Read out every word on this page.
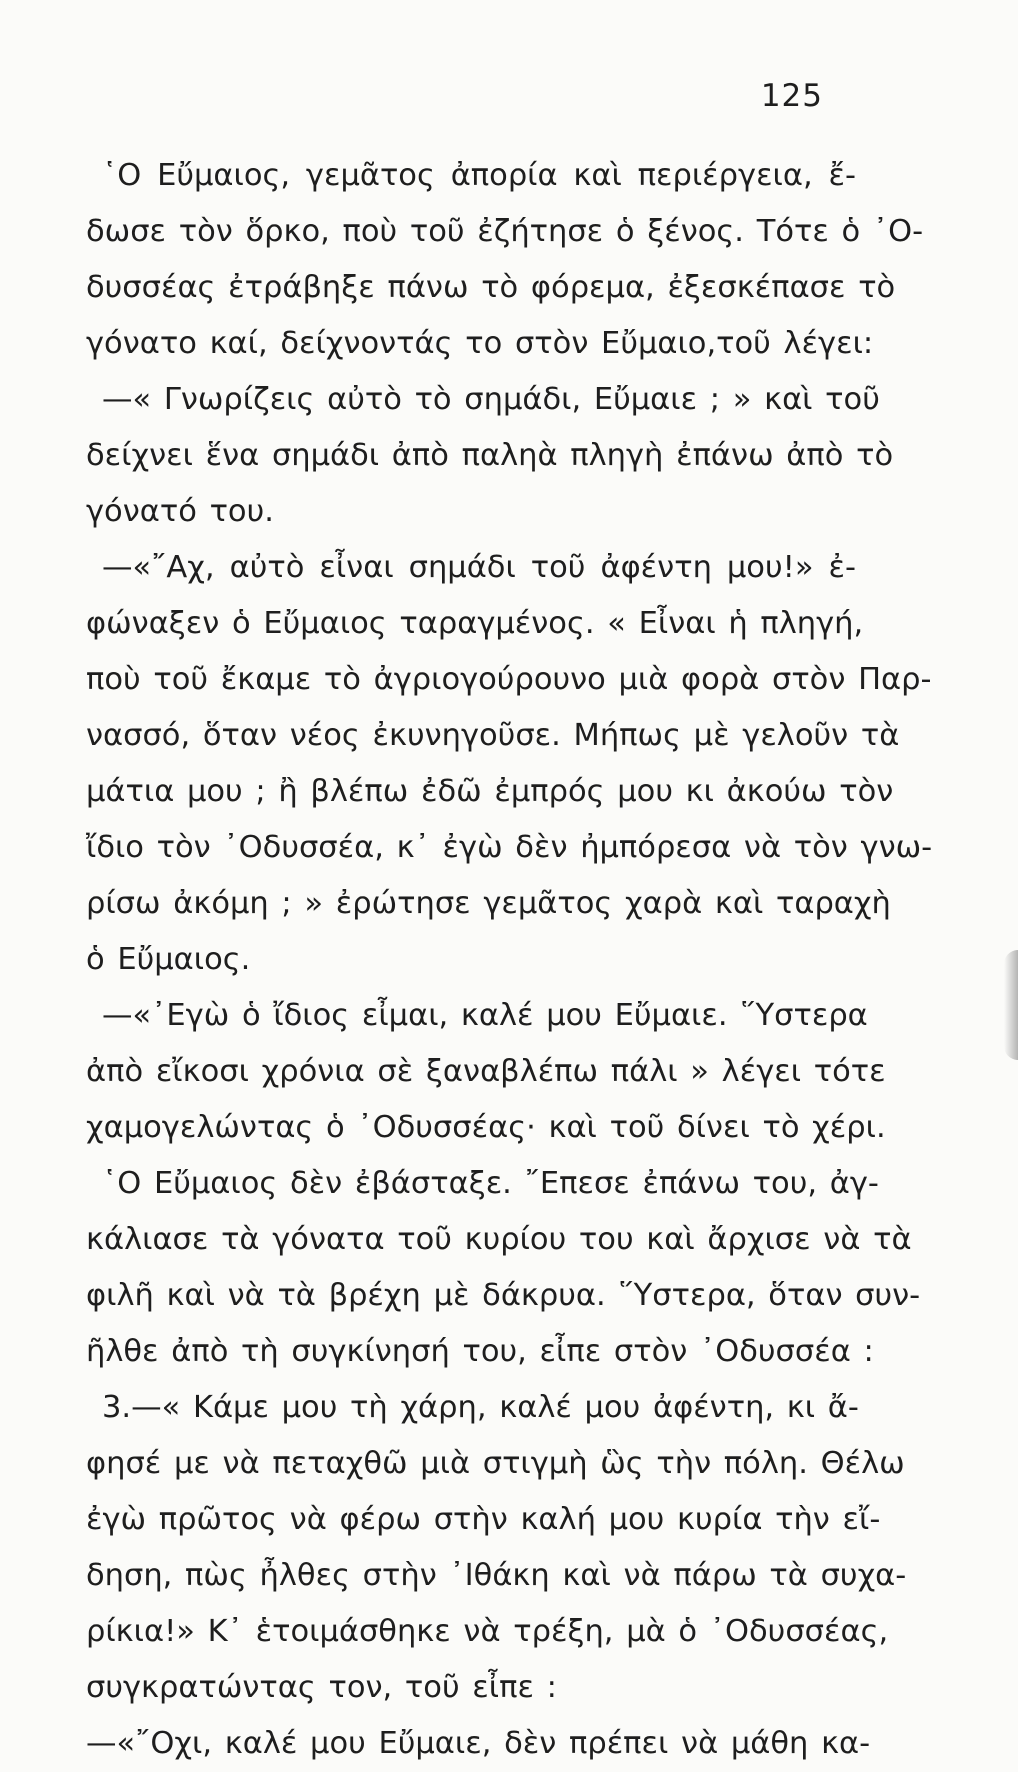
125
῾Ο Εὔμαιος, γεμᾶτος ἀπορία καὶ περιέργεια, ἔ-
δωσε τὸν ὅρκο, ποὺ τοῦ ἐζήτησε ὁ ξένος. Τότε ὁ ᾿Ο-
δυσσέας ἐτράβηξε πάνω τὸ φόρεμα, ἐξεσκέπασε τὸ
γόνατο καί, δείχνοντάς το στὸν Εὔμαιο,τοῦ λέγει:
—« Γνωρίζεις αὐτὸ τὸ σημάδι, Εὔμαιε ; » καὶ τοῦ
δείχνει ἕνα σημάδι ἀπὸ παληὰ πληγὴ ἐπάνω ἀπὸ τὸ
γόνατό του.
—«῎Αχ, αὐτὸ εἶναι σημάδι τοῦ ἀφέντη μου!» ἐ-
φώναξεν ὁ Εὔμαιος ταραγμένος. « Εἶναι ἡ πληγή,
ποὺ τοῦ ἔκαμε τὸ ἀγριογούρουνο μιὰ φορὰ στὸν Παρ-
νασσό, ὅταν νέος ἐκυνηγοῦσε. Μήπως μὲ γελοῦν τὰ
μάτια μου ; ἢ βλέπω ἐδῶ ἐμπρός μου κι ἀκούω τὸν
ἴδιο τὸν ᾿Οδυσσέα, κ᾿ ἐγὼ δὲν ἠμπόρεσα νὰ τὸν γνω-
ρίσω ἀκόμη ; » ἐρώτησε γεμᾶτος χαρὰ καὶ ταραχὴ
ὁ Εὔμαιος.
—«᾿Εγὼ ὁ ἴδιος εἶμαι, καλέ μου Εὔμαιε. ῞Υστερα
ἀπὸ εἴκοσι χρόνια σὲ ξαναβλέπω πάλι » λέγει τότε
χαμογελώντας ὁ ᾿Οδυσσέας· καὶ τοῦ δίνει τὸ χέρι.
῾Ο Εὔμαιος δὲν ἐβάσταξε. ῎Επεσε ἐπάνω του, ἀγ-
κάλιασε τὰ γόνατα τοῦ κυρίου του καὶ ἄρχισε νὰ τὰ
φιλῆ καὶ νὰ τὰ βρέχη μὲ δάκρυα. ῞Υστερα, ὅταν συν-
ῆλθε ἀπὸ τὴ συγκίνησή του, εἶπε στὸν ᾿Οδυσσέα :
3.—« Κάμε μου τὴ χάρη, καλέ μου ἀφέντη, κι ἄ-
φησέ με νὰ πεταχθῶ μιὰ στιγμὴ ὣς τὴν πόλη. Θέλω
ἐγὼ πρῶτος νὰ φέρω στὴν καλή μου κυρία τὴν εἴ-
δηση, πὼς ἦλθες στὴν ᾿Ιθάκη καὶ νὰ πάρω τὰ συχα-
ρίκια!» Κ᾿ ἑτοιμάσθηκε νὰ τρέξη, μὰ ὁ ᾿Οδυσσέας,
συγκρατώντας τον, τοῦ εἶπε :
—«῎Οχι, καλέ μου Εὔμαιε, δὲν πρέπει νὰ μάθη κα-
